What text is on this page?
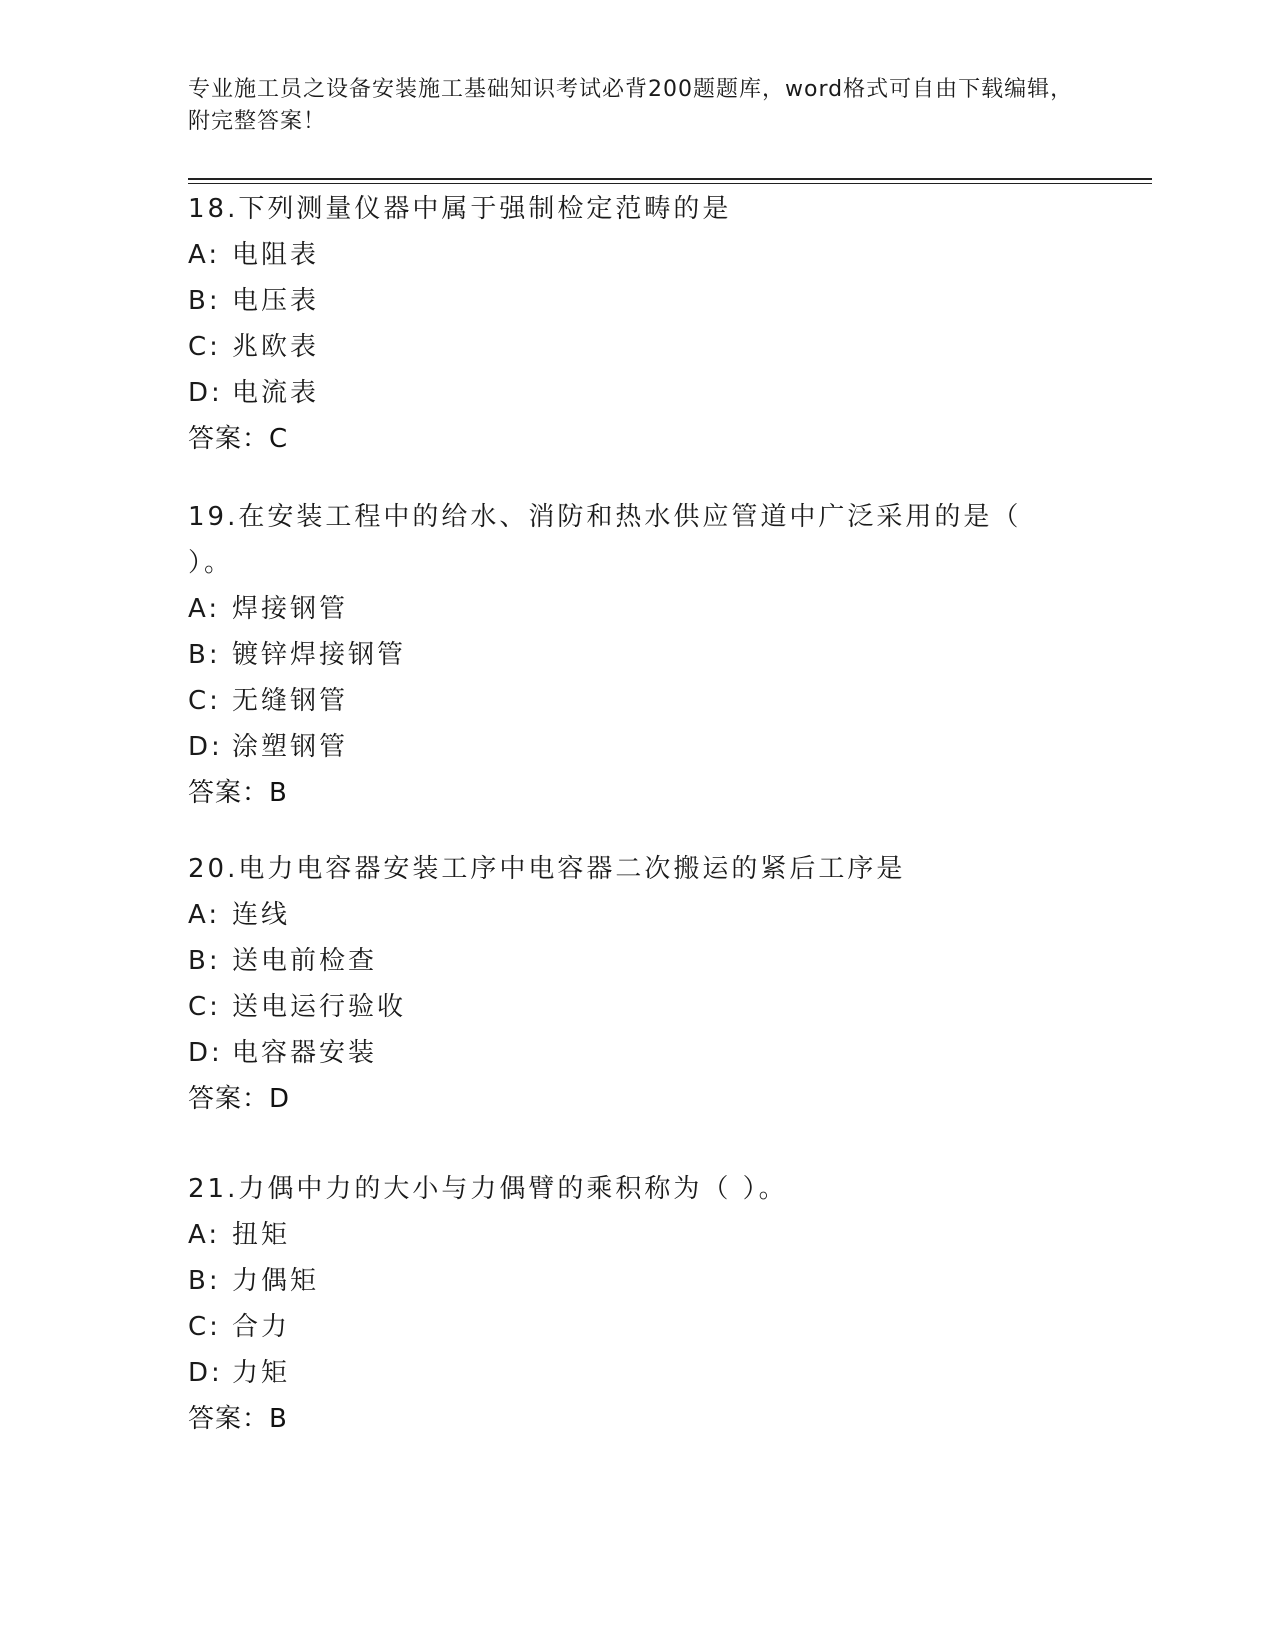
专业施工员之设备安装施工基础知识考试必背200题题库，word格式可自由下载编辑，附完整答案！

18.下列测量仪器中属于强制检定范畴的是

A: 电阻表

B: 电压表

C: 兆欧表

D: 电流表

答案：C

19.在安装工程中的给水、消防和热水供应管道中广泛采用的是（ ）。

A: 焊接钢管

B: 镀锌焊接钢管

C: 无缝钢管

D: 涂塑钢管

答案：B

20.电力电容器安装工序中电容器二次搬运的紧后工序是

A: 连线

B: 送电前检查

C: 送电运行验收

D: 电容器安装

答案：D

21.力偶中力的大小与力偶臂的乘积称为（ ）。

A: 扭矩

B: 力偶矩

C: 合力

D: 力矩

答案：B
